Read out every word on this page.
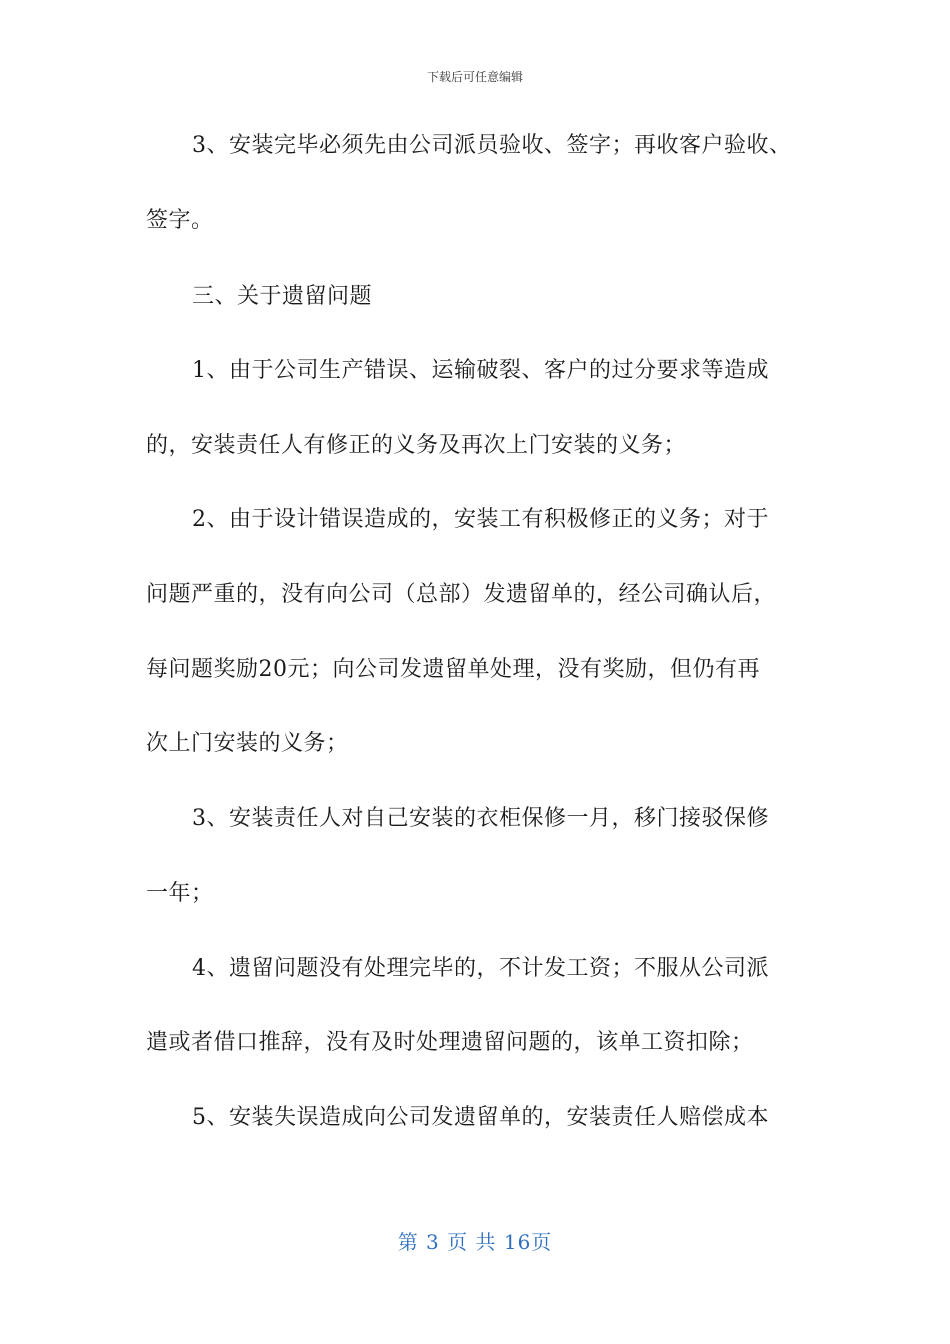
下载后可任意编辑
3、安装完毕必须先由公司派员验收、签字；再收客户验收、
签字。
三、关于遗留问题
1、由于公司生产错误、运输破裂、客户的过分要求等造成
的，安装责任人有修正的义务及再次上门安装的义务；
2、由于设计错误造成的，安装工有积极修正的义务；对于
问题严重的，没有向公司（总部）发遗留单的，经公司确认后，
每问题奖励20元；向公司发遗留单处理，没有奖励，但仍有再
次上门安装的义务；
3、安装责任人对自己安装的衣柜保修一月，移门接驳保修
一年；
4、遗留问题没有处理完毕的，不计发工资；不服从公司派
遣或者借口推辞，没有及时处理遗留问题的，该单工资扣除；
5、安装失误造成向公司发遗留单的，安装责任人赔偿成本
第 3 页 共 16页
